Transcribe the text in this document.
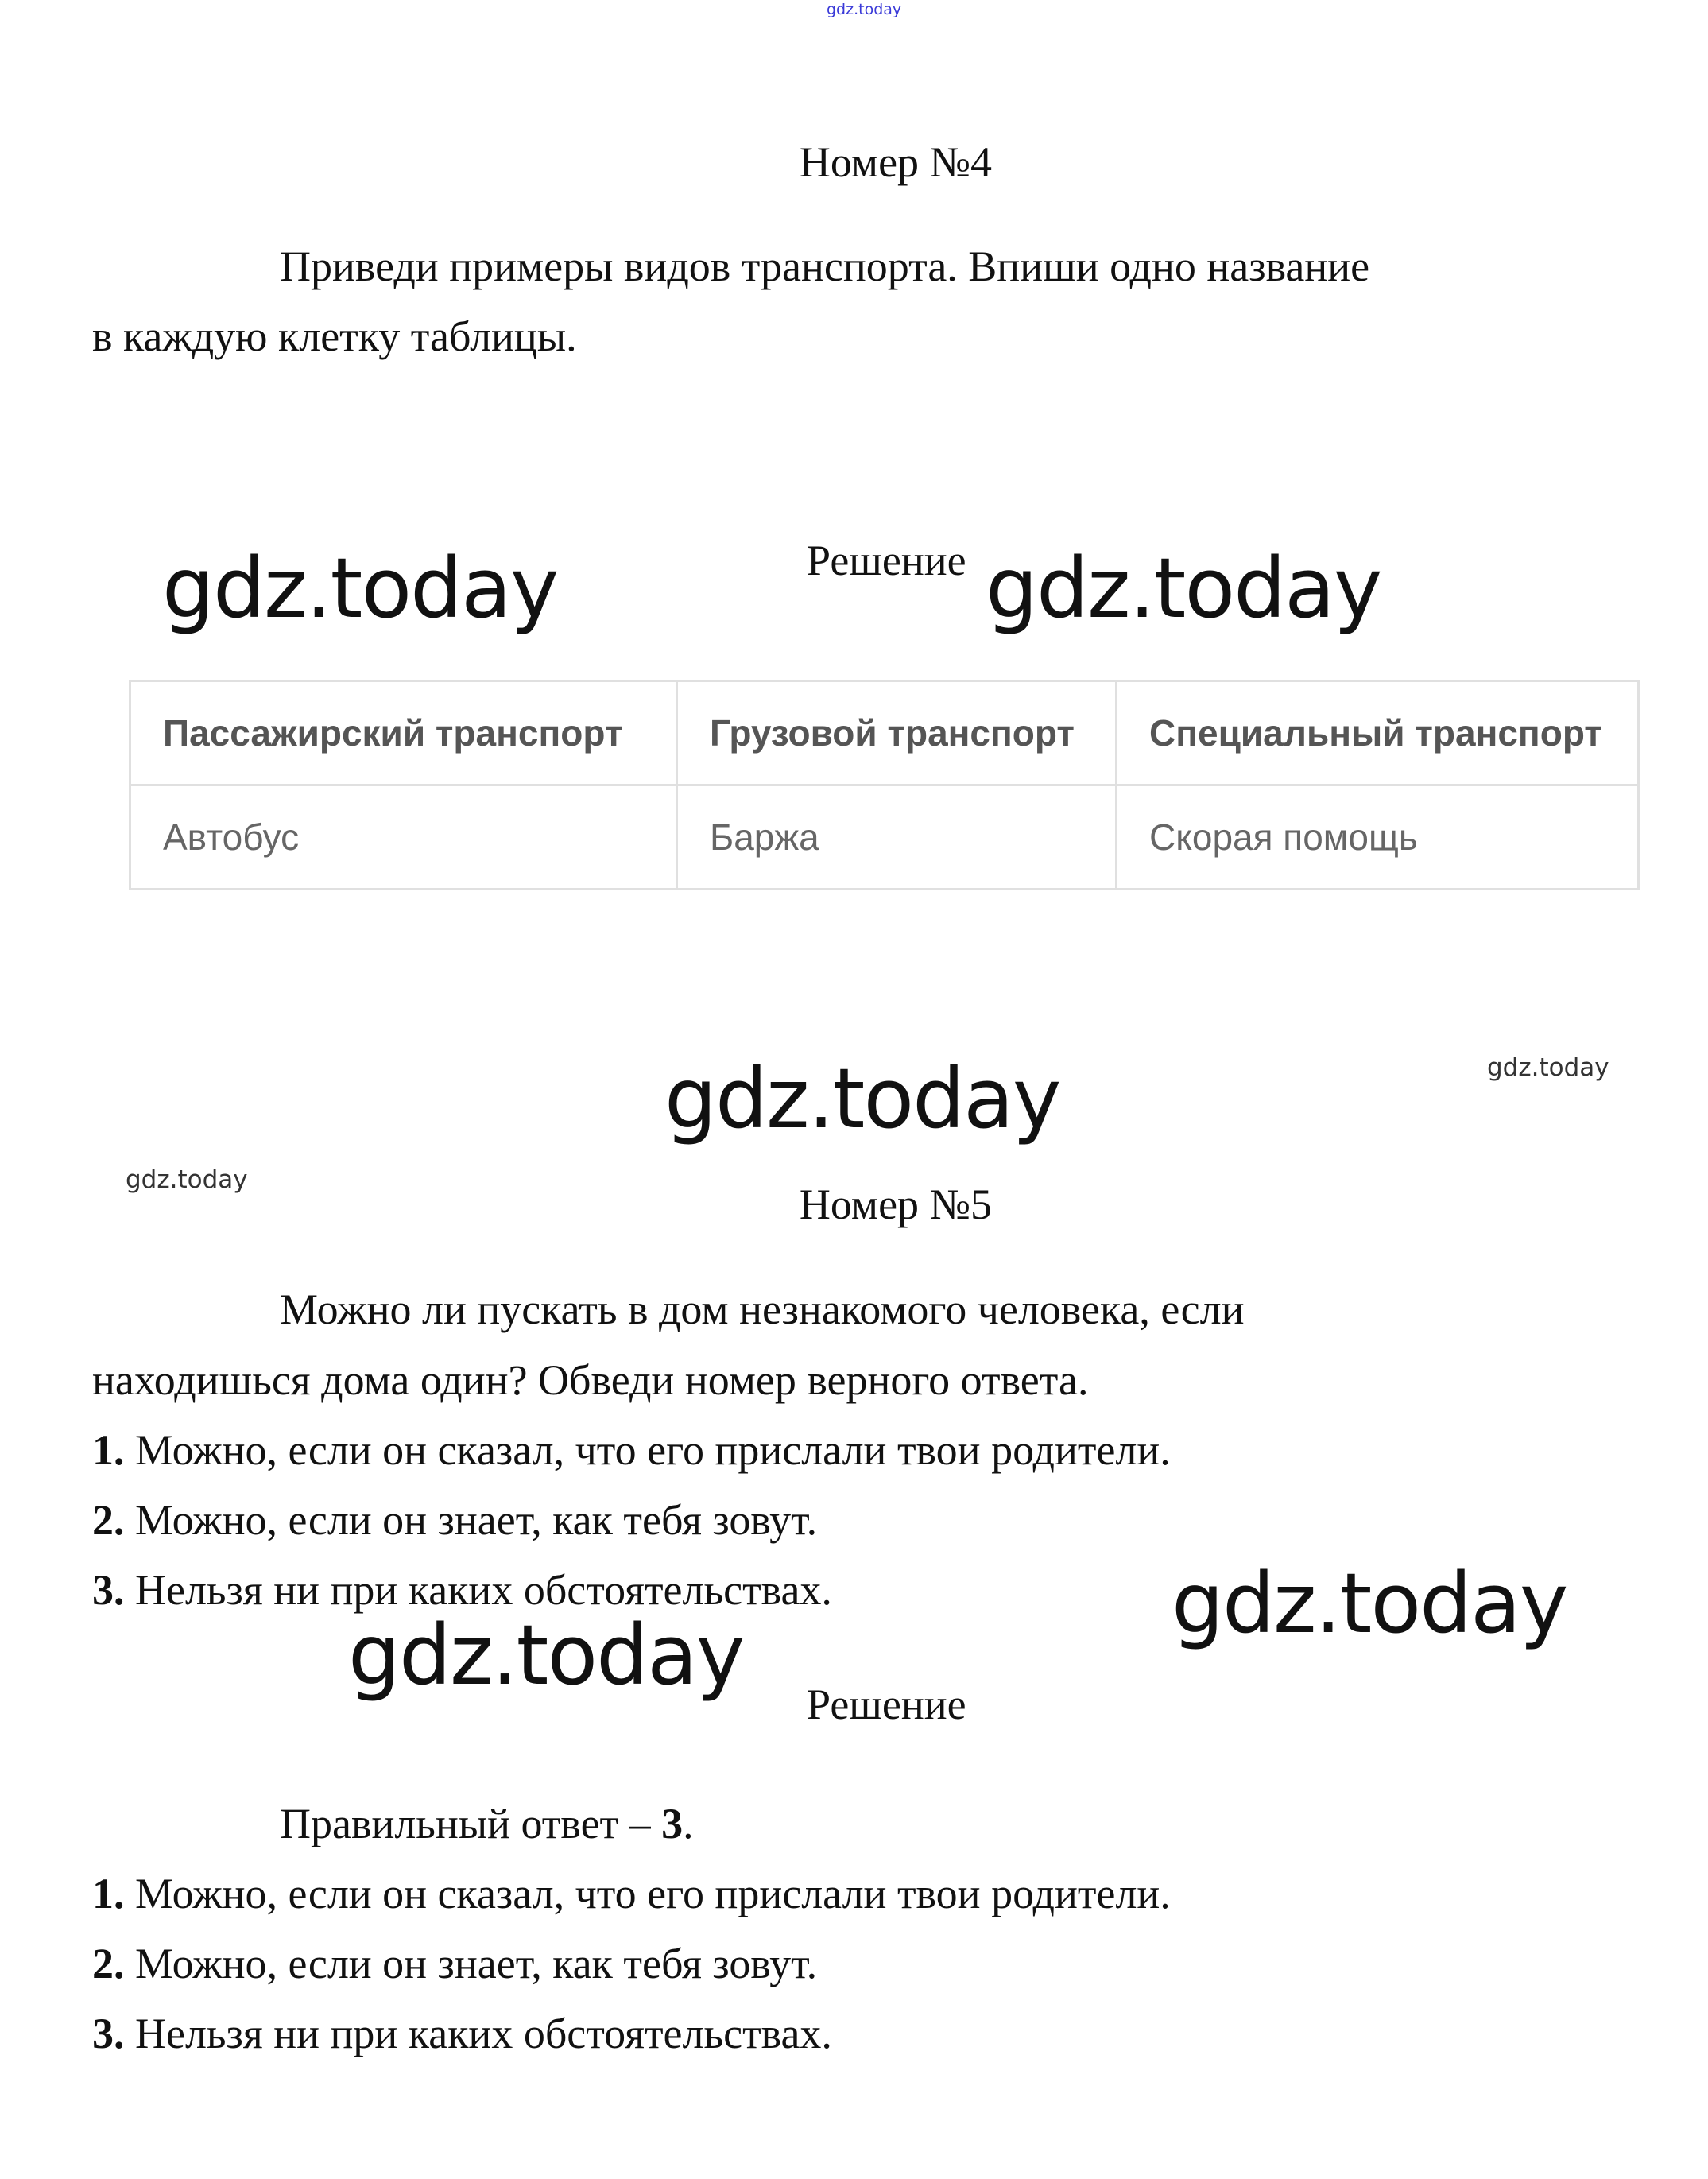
gdz.today
Номер №4
Приведи примеры видов транспорта. Впиши одно название
в каждую клетку таблицы.
gdz.today	Решение gdz.today
Пассажирский транспорт	Грузовой транспорт	Специальный транспорт
Автобус	Баржа	Скорая помощь
gdz.today	gdz.today
gdz.today
Номер №5
Можно ли пускать в дом незнакомого человека, если
находишься дома один? Обведи номер верного ответа.
1. Можно, если он сказал, что его прислали твои родители.
2. Можно, если он знает, как тебя зовут.
3. Нельзя ни при каких обстоятельствах.	gdz.today
gdz.today
Решение
Правильный ответ – 3.
1. Можно, если он сказал, что его прислали твои родители.
2. Можно, если он знает, как тебя зовут.
3. Нельзя ни при каких обстоятельствах.
